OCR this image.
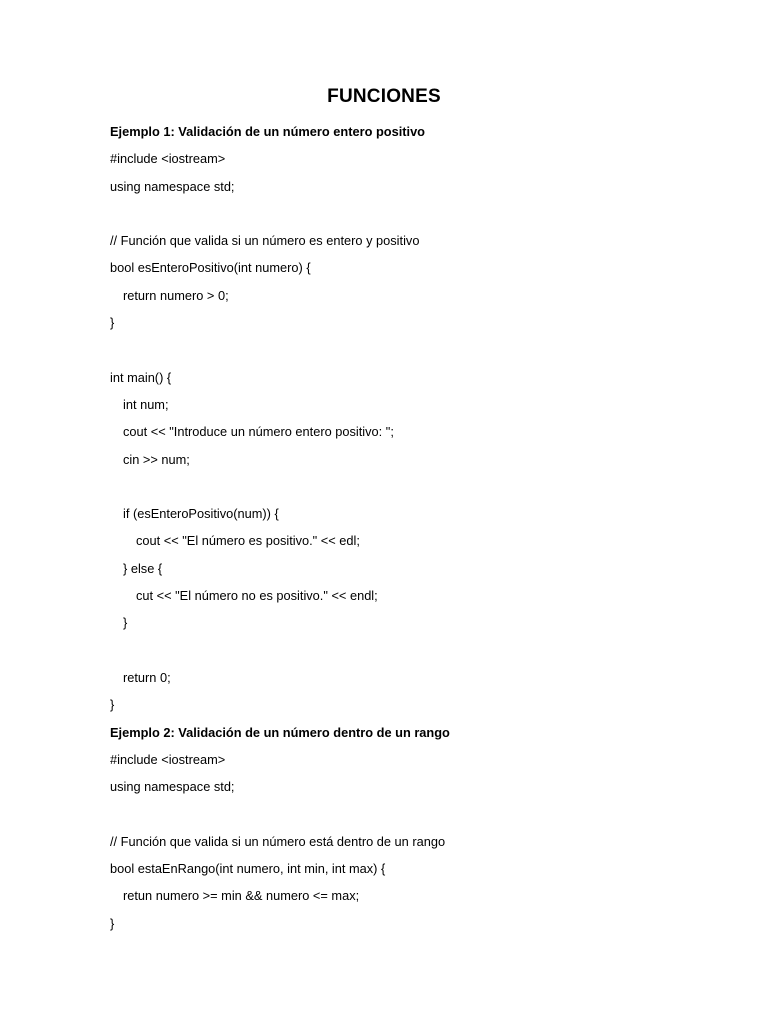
FUNCIONES
Ejemplo 1: Validación de un número entero positivo
#include <iostream>
using namespace std;
// Función que valida si un número es entero y positivo
bool esEnteroPositivo(int numero) {
return numero > 0;
}
int main() {
int num;
cout << "Introduce un número entero positivo: ";
cin >> num;
if (esEnteroPositivo(num)) {
cout << "El número es positivo." << edl;
} else {
cut << "El número no es positivo." << endl;
}
return 0;
}
Ejemplo 2: Validación de un número dentro de un rango
#include <iostream>
using namespace std;
// Función que valida si un número está dentro de un rango
bool estaEnRango(int numero, int min, int max) {
retun numero >= min && numero <= max;
}
